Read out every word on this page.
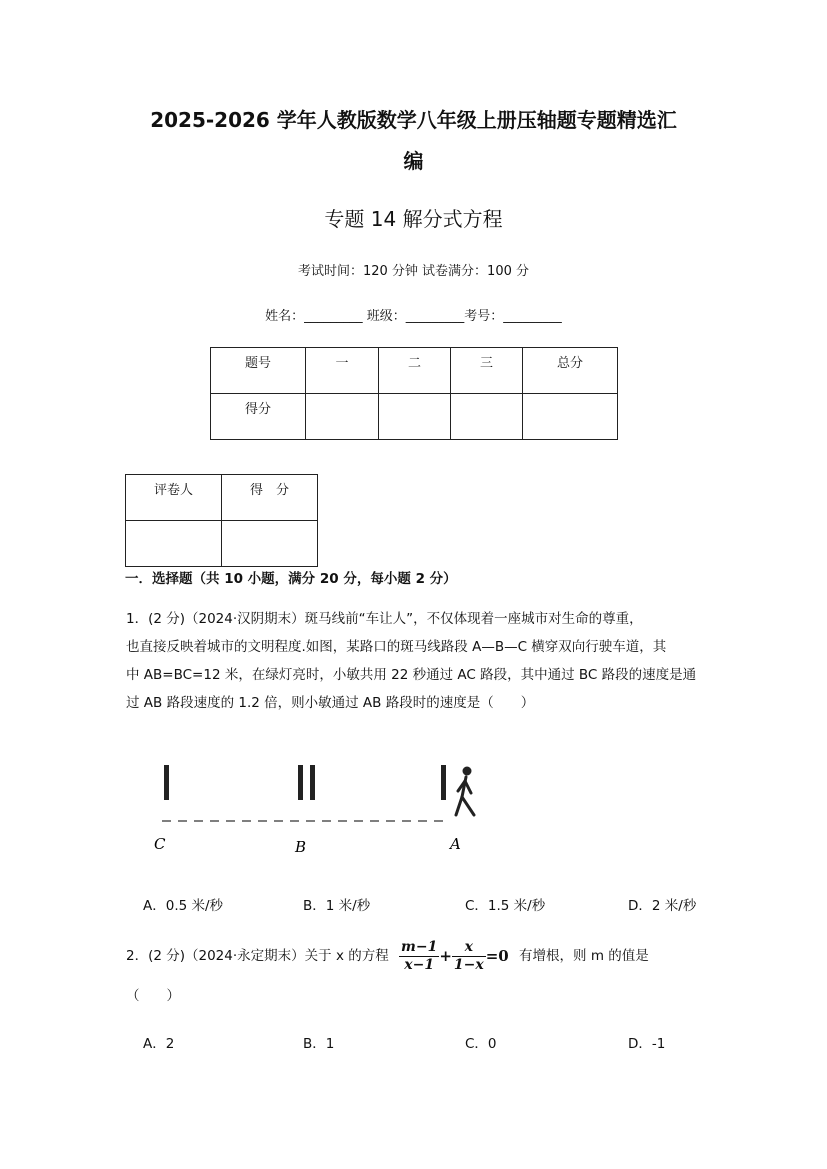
2025-2026 学年人教版数学八年级上册压轴题专题精选汇
编
专题 14 解分式方程
考试时间：120 分钟 试卷满分：100 分
姓名：_________ 班级：_________考号：_________
题号	一	二	三	总分
得分				
评卷人	得　分

一．选择题（共 10 小题，满分 20 分，每小题 2 分）
1．(2 分)（2024·汉阴期末）斑马线前“车让人”，不仅体现着一座城市对生命的尊重，
也直接反映着城市的文明程度.如图，某路口的斑马线路段 A—B—C 横穿双向行驶车道，其
中 AB=BC=12 米，在绿灯亮时，小敏共用 22 秒通过 AC 路段，其中通过 BC 路段的速度是通
过 AB 路段速度的 1.2 倍，则小敏通过 AB 路段时的速度是（　　）
C	B	A
A．0.5 米/秒	B．1 米/秒	C．1.5 米/秒	D．2 米/秒
2．(2 分)（2024·永定期末）关于 x 的方程 $\frac{m-1}{x-1} + \frac{x}{1-x} =0$ 有增根，则 m 的值是
（　　）
A．2	B．1	C．0	D．-1
